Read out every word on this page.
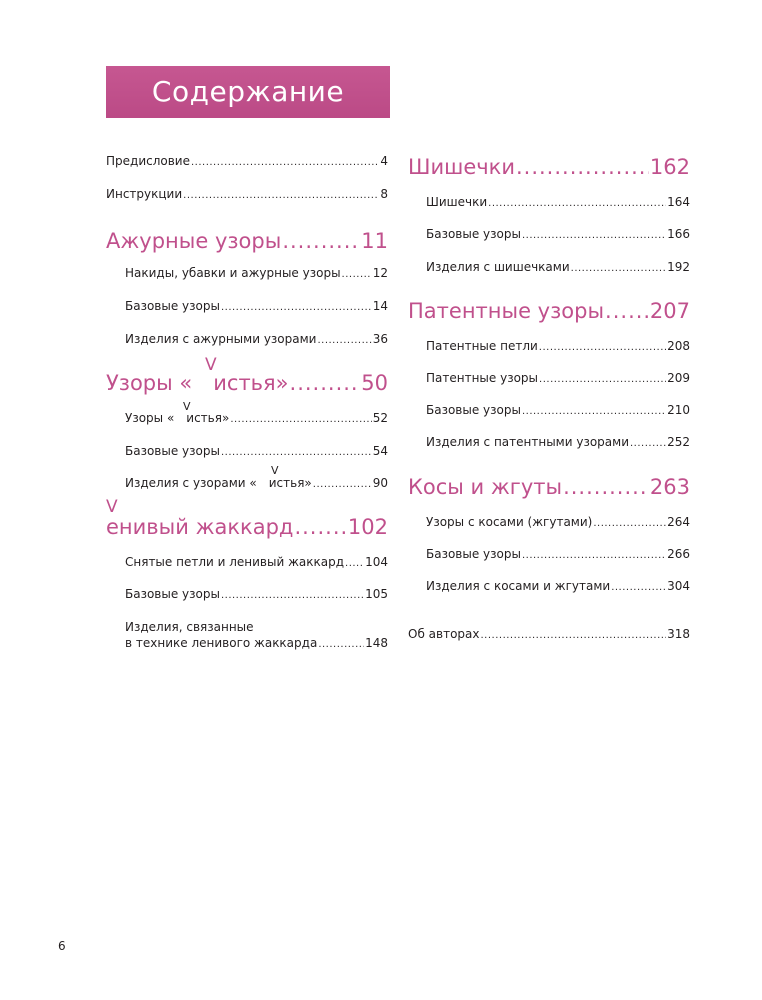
Содержание
Предисловие .....	4
Инструкции .....	8
Ажурные узоры .....	11
Накиды, убавки и ажурные узоры .....	12
Базовые узоры .....	14
Изделия с ажурными узорами .....	36
V
Узоры «  истья» .....	50
V
Узоры «  истья» .....	52
Базовые узоры .....	54
V
Изделия с узорами «  истья» .....	90
V
енивый жаккард .....	102
Снятые петли и ленивый жаккард ..... 104
Базовые узоры .....	105
Изделия, связанные
в технике ленивого жаккарда .....	148
Шишечки .....	162
Шишечки .....	164
Базовые узоры .....	166
Изделия с шишечками .....	192
Патентные узоры ..... 207
Патентные петли .....	208
Патентные узоры .....	209
Базовые узоры .....	210
Изделия с патентными узорами .....	252
Косы и жгуты .....	263
Узоры с косами (жгутами) .....	264
Базовые узоры .....	266
Изделия с косами и жгутами .....	304
Об авторах .....	318
6
